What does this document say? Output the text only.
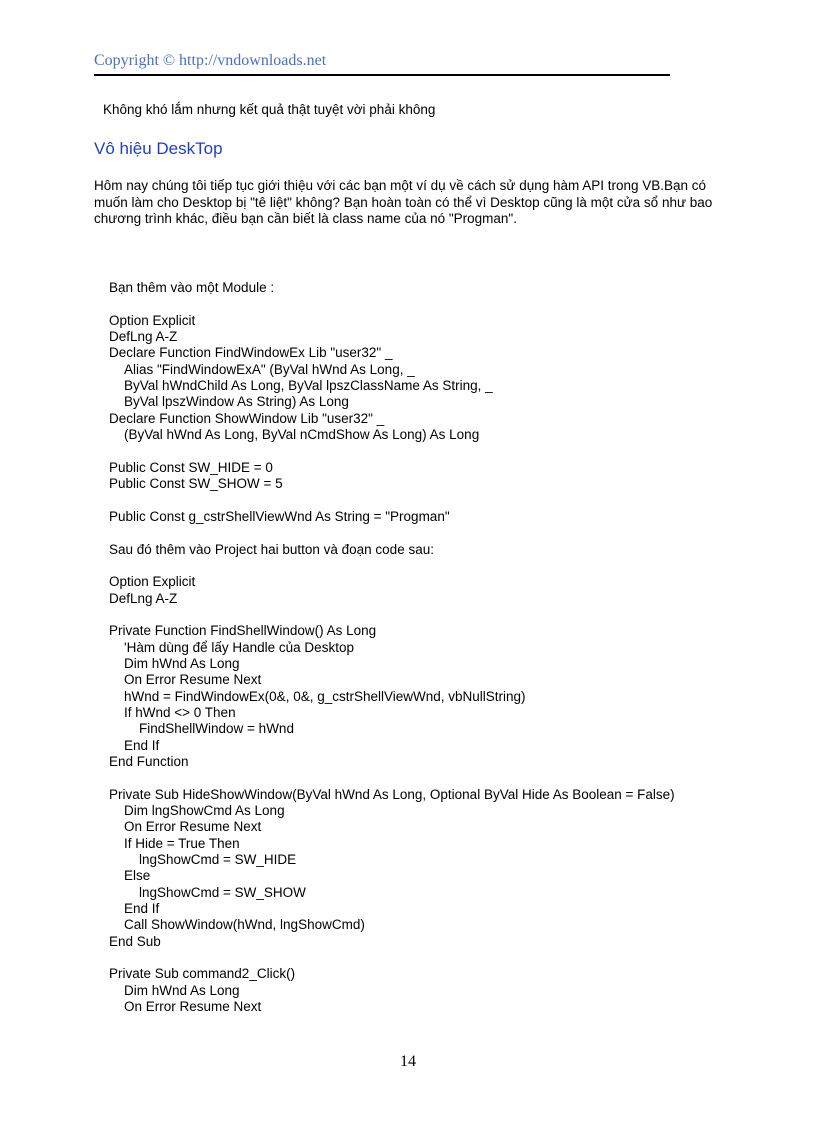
Copyright © http://vndownloads.net
Không khó lắm nhưng kết quả thật tuyệt vời phải không
Vô hiệu DeskTop
Hôm nay chúng tôi tiếp tục giới thiệu với các bạn một ví dụ về cách sử dụng hàm API trong VB.Bạn có
muốn làm cho Desktop bị "tê liệt" không? Bạn hoàn toàn có thể vì Desktop cũng là một cửa sổ như bao
chương trình khác, điều bạn cần biết là class name của nó "Progman".
Bạn thêm vào một Module :
Option Explicit
DefLng A-Z
Declare Function FindWindowEx Lib "user32" _
Alias "FindWindowExA" (ByVal hWnd As Long, _
ByVal hWndChild As Long, ByVal lpszClassName As String, _
ByVal lpszWindow As String) As Long
Declare Function ShowWindow Lib "user32" _
(ByVal hWnd As Long, ByVal nCmdShow As Long) As Long
Public Const SW_HIDE = 0
Public Const SW_SHOW = 5
Public Const g_cstrShellViewWnd As String = "Progman"
Sau đó thêm vào Project hai button và đoạn code sau:
Option Explicit
DefLng A-Z
Private Function FindShellWindow() As Long
'Hàm dùng để lấy Handle của Desktop
Dim hWnd As Long
On Error Resume Next
hWnd = FindWindowEx(0&, 0&, g_cstrShellViewWnd, vbNullString)
If hWnd <> 0 Then
FindShellWindow = hWnd
End If
End Function
Private Sub HideShowWindow(ByVal hWnd As Long, Optional ByVal Hide As Boolean = False)
Dim lngShowCmd As Long
On Error Resume Next
If Hide = True Then
lngShowCmd = SW_HIDE
Else
lngShowCmd = SW_SHOW
End If
Call ShowWindow(hWnd, lngShowCmd)
End Sub
Private Sub command2_Click()
Dim hWnd As Long
On Error Resume Next
14
